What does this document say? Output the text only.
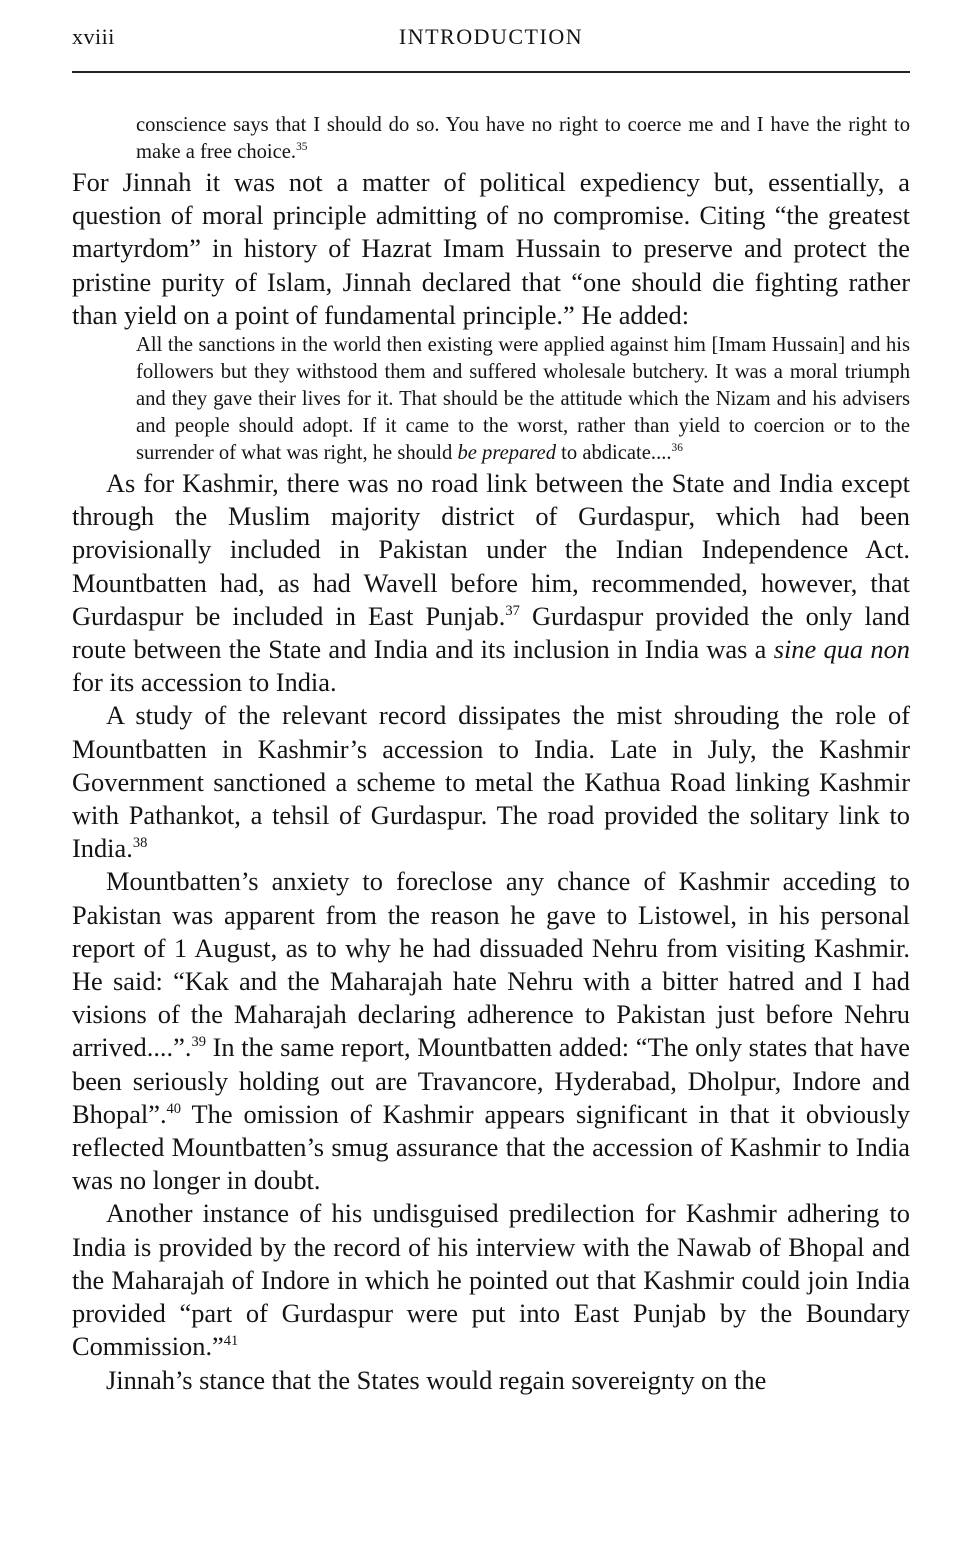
xviii	INTRODUCTION

conscience says that I should do so. You have no right to coerce me and I have the right to make a free choice.$^{35}$

For Jinnah it was not a matter of political expediency but, essentially, a question of moral principle admitting of no compromise. Citing “the greatest martyrdom” in history of Hazrat Imam Hussain to preserve and protect the pristine purity of Islam, Jinnah declared that “one should die fighting rather than yield on a point of fundamental principle.” He added:

All the sanctions in the world then existing were applied against him [Imam Hussain] and his followers but they withstood them and suffered wholesale butchery. It was a moral triumph and they gave their lives for it. That should be the attitude which the Nizam and his advisers and people should adopt. If it came to the worst, rather than yield to coercion or to the surrender of what was right, he should be prepared to abdicate....$^{36}$

As for Kashmir, there was no road link between the State and India except through the Muslim majority district of Gurdaspur, which had been provisionally included in Pakistan under the Indian Independence Act. Mountbatten had, as had Wavell before him, recommended, however, that Gurdaspur be included in East Punjab.$^{37}$ Gurdaspur provided the only land route between the State and India and its inclusion in India was a sine qua non for its accession to India.

A study of the relevant record dissipates the mist shrouding the role of Mountbatten in Kashmir’s accession to India. Late in July, the Kashmir Government sanctioned a scheme to metal the Kathua Road linking Kashmir with Pathankot, a tehsil of Gurdaspur. The road provided the solitary link to India.$^{38}$

Mountbatten’s anxiety to foreclose any chance of Kashmir acceding to Pakistan was apparent from the reason he gave to Listowel, in his personal report of 1 August, as to why he had dissuaded Nehru from visiting Kashmir. He said: “Kak and the Maharajah hate Nehru with a bitter hatred and I had visions of the Maharajah declaring adherence to Pakistan just before Nehru arrived....”.$^{39}$ In the same report, Mountbatten added: “The only states that have been seriously holding out are Travancore, Hyderabad, Dholpur, Indore and Bhopal”.$^{40}$ The omission of Kashmir appears significant in that it obviously reflected Mountbatten’s smug assurance that the accession of Kashmir to India was no longer in doubt.

Another instance of his undisguised predilection for Kashmir adhering to India is provided by the record of his interview with the Nawab of Bhopal and the Maharajah of Indore in which he pointed out that Kashmir could join India provided “part of Gurdaspur were put into East Punjab by the Boundary Commission.”$^{41}$

Jinnah’s stance that the States would regain sovereignty on the
